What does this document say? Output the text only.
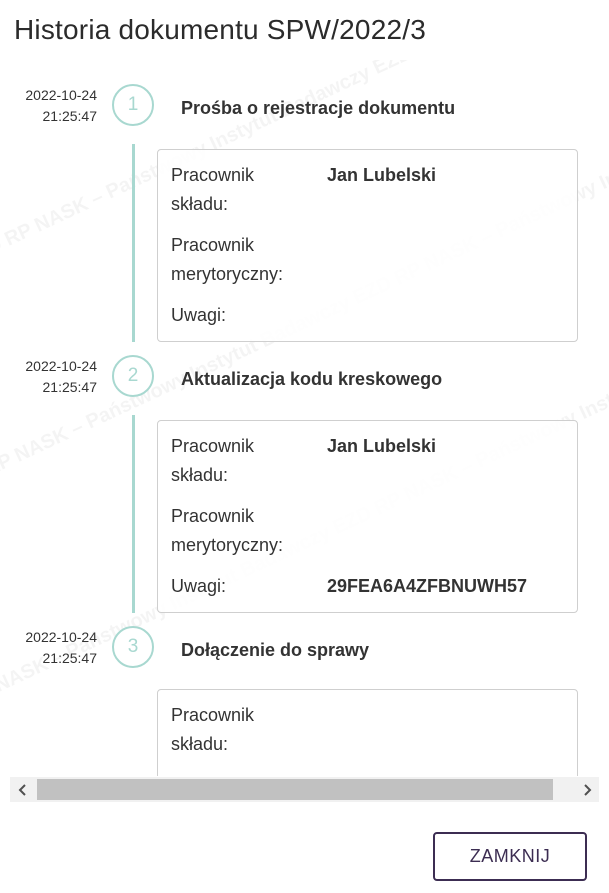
Historia dokumentu SPW/2022/3
2022-10-24
21:25:47
1	Prośba o rejestracje dokumentu
Pracownik
składu:
Jan Lubelski
Pracownik
merytoryczny:
Uwagi:
2022-10-24
21:25:47
2	Aktualizacja kodu kreskowego
Pracownik
składu:
Jan Lubelski
Pracownik
merytoryczny:
Uwagi:	29FEA6A4ZFBNUWH57
2022-10-24
21:25:47
3	Dołączenie do sprawy
Pracownik
składu:
ZAMKNIJ
